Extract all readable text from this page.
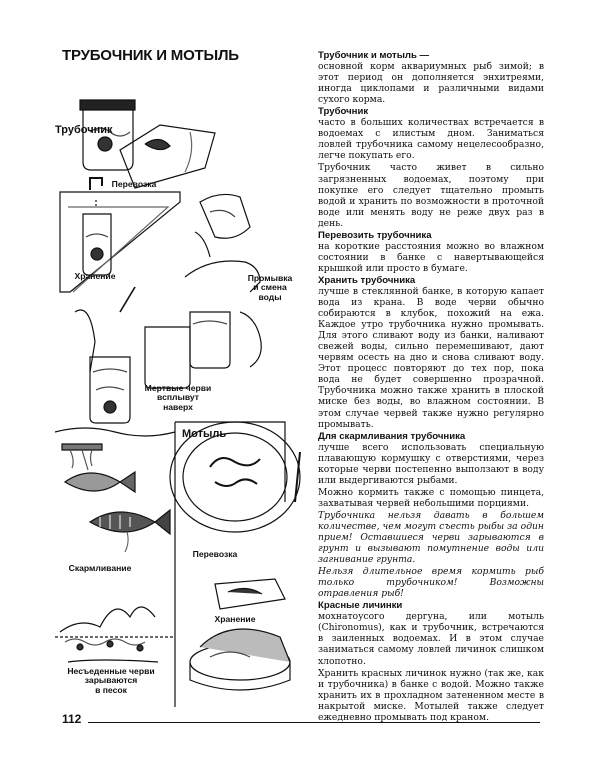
ТРУБОЧНИК И МОТЫЛЬ
Трубочник
Перевозка
Хранение	Промывка
и смена
воды
Мертвые черви
всплывут
наверх
Мотыль
Скармливание
Перевозка
Хранение
Несъеденные черви
зарываются
в песок

Трубочник и мотыль —

основной корм аквариумных рыб зимой; в этот период он дополняется энхитреями, иногда циклопами и различными видами сухого корма.

Трубочник

часто в больших количествах встречается в водоемах с илистым дном. Заниматься ловлей трубочника самому нецелесообразно, легче покупать его.

Трубочник часто живет в сильно загрязненных водоемах, поэтому при покупке его следует тщательно промыть водой и хранить по возможности в проточной воде или менять воду не реже двух раз в день.

Перевозить трубочника

на короткие расстояния можно во влажном состоянии в банке с навертывающейся крышкой или просто в бумаге.

Хранить трубочника

лучше в стеклянной банке, в которую капает вода из крана. В воде черви обычно собираются в клубок, похожий на ежа. Каждое утро трубочника нужно промывать. Для этого сливают воду из банки, наливают свежей воды, сильно перемешивают, дают червям осесть на дно и снова сливают воду. Этот процесс повторяют до тех пор, пока вода не будет совершенно прозрачной. Трубочника можно также хранить в плоской миске без воды, во влажном состоянии. В этом случае червей также нужно регулярно промывать.

Для скармливания трубочника

лучше всего использовать специальную плавающую кормушку с отверстиями, через которые черви постепенно выползают в воду или выдергиваются рыбами.

Можно кормить также с помощью пинцета, захватывая червей небольшими порциями.

Трубочника нельзя давать в большем количестве, чем могут съесть рыбы за один прием! Оставшиеся черви зарываются в грунт и вызывают помутнение воды или загнивание грунта.

Нельзя длительное время кормить рыб только трубочником! Возможны отравления рыб!

Красные личинки

мохнатоусого дергуна, или мотыль (Chironomus), как и трубочник, встречаются в заиленных водоемах. И в этом случае заниматься самому ловлей личинок слишком хлопотно.

Хранить красных личинок нужно (так же, как и трубочника) в банке с водой. Можно также хранить их в прохладном затененном месте в накрытой миске. Мотылей также следует ежедневно промывать под краном.

112
